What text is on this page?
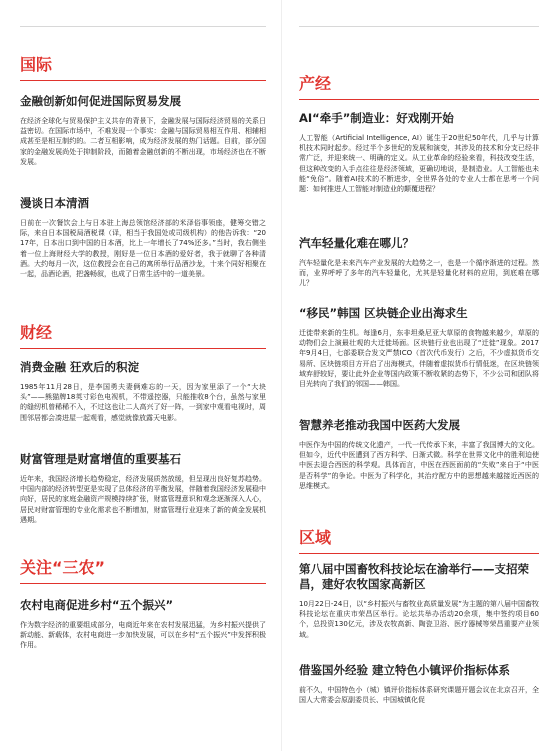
国际
金融创新如何促进国际贸易发展

在经济全球化与贸易保护主义共存的背景下，金融发展与国际经济贸易的关系日益密切。在国际市场中，不难发现一个事实：金融与国际贸易相互作用、相辅相成甚至是相互制约的。二者互相影响，成为经济发展的热门话题。目前，部分国家的金融发展尚处于抑制阶段，而随着金融创新的不断出现，市场经济也在不断发展。

漫谈日本清酒

日前在一次餐饮会上与日本驻上海总领馆经济部的米泽俗事领座，健筹交错之际，来自日本国税局酒税课（译，相当于我国处或司级机构）的他告诉我：“2017年，日本出口到中国的日本酒，比上一年增长了74%还多。”当时，我右侧坐着一位上海财经大学的教授，刚好是一位日本酒的爱好者，我于就聊了各种清酒。大约每月一次，这位教授会在自己的寓所举行品酒沙龙，十来个同好相聚在一起，品酒论酒，把盏畅叙，也成了日常生活中的一道美景。

财经
消费金融 狂欢后的积淀

1985年11月28日，是李国勇夫妻俩难忘的一天，因为家里添了一个“大块头”——熊猫牌18英寸彩色电视机，不带遥控器，只能推收8个台，虽然与家里的缝纫机曾稀稀不入，不过这也让二人高兴了好一阵，一到家中观看电视时，周围邻居都会凑进屋一起观看，感觉就像放露天电影。

财富管理是财富增值的重要基石

近年来，我国经济增长趋势稳定，经济发展质然放缓，但呈现出良好复苏趋势。中国内部的经济转型更是实现了总体经济的平衡发展，伴随着我国经济发展稳中向好，居民的家庭金融资产规模持续扩张，财富管理意识和观念逐渐深入人心，居民对财富管理的专业化需求也不断增加，财富管理行业迎来了新的黄金发展机遇期。

关注“三农”
农村电商促进乡村“五个振兴”

作为数字经济的重要组成部分，电商近年来在农村发展迅猛，为乡村振兴提供了新动能、新载体，农村电商进一步加快发展，可以在乡村“五个振兴”中发挥积极作用。

产经
AI“牵手”制造业：好戏刚开始

人工智能（Artificial Intelligence, AI）诞生于20世纪50年代，几乎与计算机技术同时起步。经过半个多世纪的发展和演变，其涉及的技术和分支已经非常广泛，并迎来统一、明确的定义。从工业革命的经验来看，科技改变生活，但这种改变的入手点往往是经济领域，更确切地说，是制造业。人工智能也未能“免俗”。随着AI技术的不断进步，全世界各处的专业人士都在思考一个问题：如何推进人工智能对制造业的颠覆进程？

汽车轻量化难在哪儿？

汽车轻量化是未来汽车产业发展的大趋势之一，也是一个循序渐进的过程。然而，业界呼呼了多年的汽车轻量化，尤其是轻量化材料的应用，到底难在哪儿？

“移民”韩国 区块链企业出海求生

迁徙带来新的生机。每逢6月，东非坦桑尼亚大草原的食物越来越少，草原的动物们会上演最壮观的大迁徙场面。区块链行业也出现了“迁徙”现象。2017年9月4日，七部委联合发文严禁ICO（首次代币发行）之后，不少虚拟货币交易所、区块链项目方开启了出海模式，伴随着虚拟货币行情低迷，在区块链领域弃舒较好，要让此外企业等国内政策不断收紧的态势下，不少公司和团队将目光转向了我们的邻国——韩国。

智慧养老推动我国中医药大发展

中医作为中国的传统文化遗产，一代一代传承下来，丰富了我国博大的文化。但如今，近代中医遭到了西方科学、日渐式微。科学在世界文化中的胜利迫使中医去迎合西医的科学观。具体而言，中医在西医面前的“失败”来自于“中医是否科学”的争论。中医为了科学化，其治疗配方中的思想越来越接近西医的思维模式。

区域
第八届中国畜牧科技论坛在渝举行——支招荣昌，建好农牧国家高新区

10月22日-24日，以“乡村振兴与畜牧业高质量发展”为主题的第八届中国畜牧科技论坛在重庆市荣昌区举行。论坛共举办活动20余项，集中签约项目60个，总投资130亿元，涉及农牧高新、陶瓷卫浴、医疗器械等荣昌重要产业领域。

借鉴国外经验 建立特色小镇评价指标体系

前不久，中国特色小（城）镇评价指标体系研究课题开题会议在北京召开，全国人大常委会原副委员长、中国城镇化促
